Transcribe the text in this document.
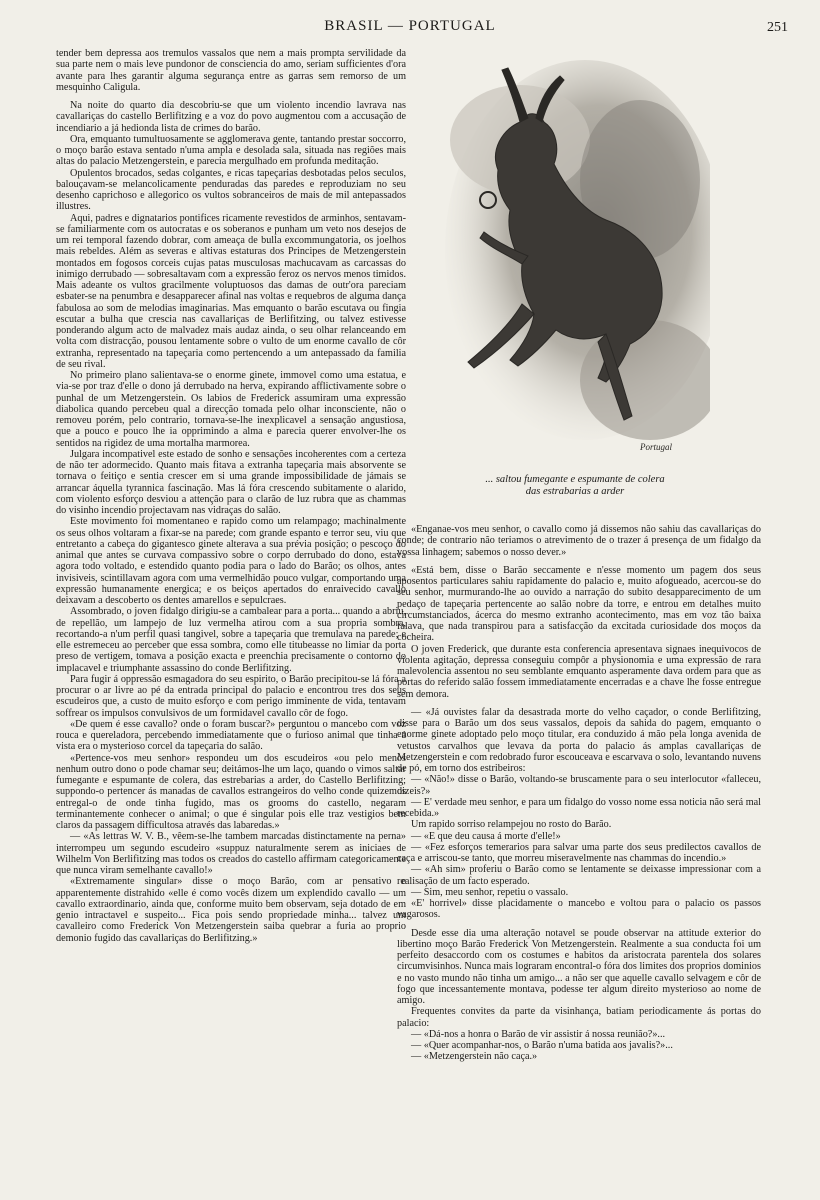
BRASIL — PORTUGAL	251

tender bem depressa aos tremulos vassalos que nem a mais prompta servilidade da sua parte nem o mais leve pundonor de consciencia do amo, seriam sufficientes d'ora avante para lhes garantir alguma segurança entre as garras sem remorso de um mesquinho Caligula.

Na noite do quarto dia descobriu-se que um violento incendio lavrava nas cavallariças do castello Berlifitzing e a voz do povo augmentou com a accusação de incendiario a já hedionda lista de crimes do barão.

Ora, emquanto tumultuosamente se agglomerava gente, tantando prestar soccorro, o moço barão estava sentado n'uma ampla e desolada sala, situada nas regiões mais altas do palacio Metzengerstein, e parecia mergulhado em profunda meditação.

Opulentos brocados, sedas colgantes, e ricas tapeçarias desbotadas pelos seculos, balouçavam-se melancolicamente penduradas das paredes e reproduziam no seu desenho caprichoso e allegorico os vultos sobranceiros de mais de mil antepassados illustres.

Aqui, padres e dignatarios pontifices ricamente revestidos de arminhos, sentavam-se familiarmente com os autocratas e os soberanos e punham um veto nos desejos de um rei temporal fazendo dobrar, com ameaça de bulla excommungatoria, os joelhos mais rebeldes. Além as severas e altivas estaturas dos Principes de Metzengerstein montados em fogosos corceis cujas patas musculosas machucavam as carcassas do inimigo derrubado — sobresaltavam com a expressão feroz os nervos menos timidos. Mais adeante os vultos gracilmente voluptuosos das damas de outr'ora pareciam esbater-se na penumbra e desapparecer afinal nas voltas e requebros de alguma dança fabulosa ao som de melodias imaginarias. Mas emquanto o barão escutava ou fingia escutar a bulha que crescia nas cavallariças de Berlifitzing, ou talvez estivesse ponderando algum acto de malvadez mais audaz ainda, o seu olhar relanceando em volta com distracção, pousou lentamente sobre o vulto de um enorme cavallo de côr extranha, representado na tapeçaria como pertencendo a um antepassado da familia de seu rival.

No primeiro plano salientava-se o enorme ginete, immovel como uma estatua, e via-se por traz d'elle o dono já derrubado na herva, expirando afflictivamente sobre o punhal de um Metzengerstein. Os labios de Frederick assumiram uma expressão diabolica quando percebeu qual a direcção tomada pelo olhar inconsciente, não o removeu porém, pelo contrario, tornava-se-lhe inexplicavel a sensação angustiosa, que a pouco e pouco lhe ia opprimindo a alma e parecia querer envolver-lhe os sentidos na rigidez de uma mortalha marmorea.

Julgara incompativel este estado de sonho e sensações incoherentes com a certeza de não ter adormecido. Quanto mais fitava a extranha tapeçaria mais absorvente se tornava o feitiço e sentia crescer em si uma grande impossibilidade de jámais se arrancar áquella tyrannica fascinação. Mas lá fóra crescendo subitamente o alarido, com violento esforço desviou a attenção para o clarão de luz rubra que as chammas do visinho incendio projectavam nas vidraças do salão.

Este movimento foi momentaneo e rapido como um relampago; machinalmente os seus olhos voltaram a fixar-se na parede; com grande espanto e terror seu, viu que entretanto a cabeça do gigantesco ginete alterava a sua prévia posição; o pescoço do animal que antes se curvava compassivo sobre o corpo derrubado do dono, estava agora todo voltado, e estendido quanto podia para o lado do Barão; os olhos, antes invisiveis, scintillavam agora com uma vermelhidão pouco vulgar, comportando uma expressão humanamente energica; e os beiços apertados do enraivecido cavallo deixavam a descoberto os dentes amarellos e sepulcraes.

Assombrado, o joven fidalgo dirigiu-se a cambalear para a porta... quando a abriu, de repellão, um lampejo de luz vermelha atirou com a sua propria sombra, recortando-a n'um perfil quasi tangivel, sobre a tapeçaria que tremulava na parede; e elle estremeceu ao perceber que essa sombra, como elle titubeasse no limiar da porta preso de vertigem, tomava a posição exacta e preenchia precisamente o contorno do implacavel e triumphante assassino do conde Berlifitzing.

Para fugir á oppressão esmagadora do seu espirito, o Barão precipitou-se lá fóra a procurar o ar livre ao pé da entrada principal do palacio e encontrou tres dos seus escudeiros que, a custo de muito esforço e com perigo imminente de vida, tentavam soffrear os impulsos convulsivos de um formidavel cavallo côr de fogo.

«De quem é esse cavallo? onde o foram buscar?» perguntou o mancebo com voz rouca e quereladora, percebendo immediatamente que o furioso animal que tinha á vista era o mysterioso corcel da tapeçaria do salão.

«Pertence-vos meu senhor» respondeu um dos escudeiros «ou pelo menos nenhum outro dono o pode chamar seu; deitámos-lhe um laço, quando o vimos saltar fumegante e espumante de colera, das estrebarias a arder, do Castello Berlifitzing; suppondo-o pertencer ás manadas de cavallos estrangeiros do velho conde quizemos entregal-o de onde tinha fugido, mas os grooms do castello, negaram terminantemente conhecer o animal; o que é singular pois elle traz vestigios bem claros da passagem difficultosa através das labaredas.»

— «As lettras W. V. B., vêem-se-lhe tambem marcadas distinctamente na perna» interrompeu um segundo escudeiro «suppuz naturalmente serem as iniciaes de Wilhelm Von Berlifitzing mas todos os creados do castello affirmam categoricamente que nunca viram semelhante cavallo!»

«Extremamente singular» disse o moço Barão, com ar pensativo e apparentemente distrahido «elle é como vocês dizem um explendido cavallo — um cavallo extraordinario, ainda que, conforme muito bem observam, seja dotado de em genio intractavel e suspeito... Fica pois sendo propriedade minha... talvez um cavalleiro como Frederick Von Metzengerstein saiba quebrar a furia ao proprio demonio fugido das cavallariças do Berlifitzing.»

Portugal
... saltou fumegante e espumante de colera
das estrabarias a arder

«Enganae-vos meu senhor, o cavallo como já dissemos não sahiu das cavallariças do conde; de contrario não teriamos o atrevimento de o trazer á presença de um fidalgo da vossa linhagem; sabemos o nosso dever.»

«Está bem, disse o Barão seccamente e n'esse momento um pagem dos seus aposentos particulares sahiu rapidamente do palacio e, muito afogueado, acercou-se do seu senhor, murmurando-lhe ao ouvido a narração do subito desapparecimento de um pedaço de tapeçaria pertencente ao salão nobre da torre, e entrou em detalhes muito circumstanciados, ácerca do mesmo extranho acontecimento, mas em voz tão baixa falava, que nada transpirou para a satisfacção da excitada curiosidade dos moços da cocheira.

O joven Frederick, que durante esta conferencia apresentava signaes inequivocos de violenta agitação, depressa conseguiu compôr a physionomia e uma expressão de rara malevolencia assentou no seu semblante emquanto asperamente dava ordem para que as portas do referido salão fossem immediatamente encerradas e a chave lhe fosse entregue sem demora.

— «Já ouvistes falar da desastrada morte do velho caçador, o conde Berlifitzing, disse para o Barão um dos seus vassalos, depois da sahida do pagem, emquanto o enorme ginete adoptado pelo moço titular, era conduzido á mão pela longa avenida de vetustos carvalhos que levava da porta do palacio ás amplas cavallariças de Metzengerstein e com redobrado furor escouceava e escarvava o solo, levantando nuvens de pó, em torno dos estribeiros:

— «Não!» disse o Barão, voltando-se bruscamente para o seu interlocutor «falleceu, dizeis?»

— E' verdade meu senhor, e para um fidalgo do vosso nome essa noticia não será mal recebida.»

Um rapido sorriso relampejou no rosto do Barão.

— «E que deu causa á morte d'elle!»

— «Fez esforços temerarios para salvar uma parte dos seus predilectos cavallos de caça e arriscou-se tanto, que morreu miseravelmente nas chammas do incendio.»

— «Ah sim» proferiu o Barão como se lentamente se deixasse impressionar com a realisação de um facto esperado.

— Sim, meu senhor, repetiu o vassalo.

«E' horrivel» disse placidamente o mancebo e voltou para o palacio os passos vagarosos.

Desde esse dia uma alteração notavel se poude observar na attitude exterior do libertino moço Barão Frederick Von Metzengerstein. Realmente a sua conducta foi um perfeito desaccordo com os costumes e habitos da aristocrata parentela dos solares circumvisinhos. Nunca mais lograram encontral-o fóra dos limites dos proprios dominios e no vasto mundo não tinha um amigo... a não ser que aquelle cavallo selvagem e côr de fogo que incessantemente montava, podesse ter algum direito mysterioso ao nome de amigo.

Frequentes convites da parte da visinhança, batiam periodicamente ás portas do palacio:

— «Dá-nos a honra o Barão de vir assistir á nossa reunião?»...

— «Quer acompanhar-nos, o Barão n'uma batida aos javalis?»...

— «Metzengerstein não caça.»
